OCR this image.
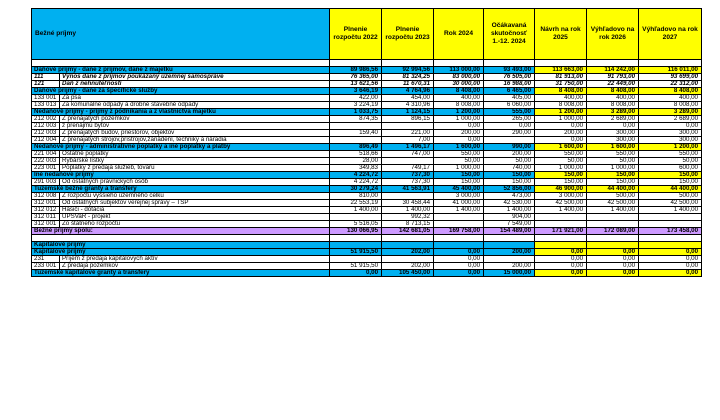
Bežné príjmy		Plnenie rozpočtu 2022	Plnenie rozpočtu 2023	Rok 2024	Očákavaná skutočnosť 1.-12. 2024	Návrh na rok 2025	Výhľadovo na rok 2026	Výhľadovo na rok 2027

Daňové príjmy - dane z príjmov, dane z majetku		89 986,56	92 994,56	113 000,00	93 493,00	113 663,00	114 242,00	116 011,00
111	Výnos dane z príjmov poukázaný územnej samospráve	76 365,00	81 324,25	83 000,00	76 505,00	81 913,00	91 793,00	93 699,00
121	Daň z nehnuteľností	13 621,56	11 670,31	30 000,00	16 988,00	31 750,00	22 449,00	22 312,00
Daňové príjmy - dane za špecifické služby		3 646,19	4 764,96	8 408,00	6 465,00	8 408,00	8 408,00	8 408,00
133 001	Za psa	422,00	454,00	400,00	405,00	400,00	400,00	400,00
133 013	Za komunálne odpady a drobné stavebné odpady	3 224,19	4 310,96	8 008,00	6 060,00	8 008,00	8 008,00	8 008,00
Nedaňové príjmy - príjmy z podnikania a z vlastníctva majetku		1 033,75	1 124,15	1 200,00	555,00	1 200,00	3 289,00	3 289,00
212 002	Z prenajatých pozemkov	874,35	896,15	1 000,00	265,00	1 000,00	2 689,00	2 689,00
212 003	z prenájmu bytov			0,00	0,00	0,00	0,00	0,00
212 003	Z prenajatých budov, priestorov, objektov	159,40	221,00	200,00	290,00	200,00	300,00	300,00
212 004	Z prenajatých strojov,prístrojov,zariadení, techniky a náradia		7,00	0,00		0,00	300,00	300,00
Nedaňové príjmy - administratívne poplatky a iné poplatky a platby		896,49	1 496,17	1 600,00	990,00	1 600,00	1 600,00	1 200,00
221 004	Ostatné poplatky	518,66	747,00	550,00	200,00	550,00	550,00	550,00
222 003	Rybárske lístky	28,00		50,00	50,00	50,00	50,00	50,00
223 001	Poplatky z predaja služieb, tovaru	349,83	749,17	1 000,00	740,00	1 000,00	1 000,00	600,00
Iné nedaňové príjmy		4 224,72	737,30	150,00	150,00	150,00	150,00	150,00
291 003	Od ostatných právnických osôb	4 224,72	737,30	150,00	150,00	150,00	150,00	150,00
Tuzemské bežné granty a transfery		30 279,24	41 563,91	45 400,00	52 856,00	46 900,00	44 400,00	44 400,00
312 008	Z rozpočtu vyššieho územného celku	810,00		3 000,00	473,00	3 000,00	500,00	500,00
312 001	Od ostatných subjektov verejnej správy – TSP	22 553,19	30 458,44	41 000,00	42 530,00	42 500,00	42 500,00	42 500,00
312 012	Hasiči - dotácia	1 400,00	1 400,00	1 400,00	1 400,00	1 400,00	1 400,00	1 400,00
312 011	UPSVaR - projekt		992,32		904,00			
312 001	Zo štátneho rozpočtu	5 516,05	8 713,15		7 549,00			
Bežné príjmy spolu:		130 066,95	142 681,05	169 758,00	154 489,00	171 921,00	172 089,00	173 458,00

Kapitálové príjmy								
Kapitálové príjmy		51 915,50	202,00	0,00	200,00	0,00	0,00	0,00
231	Príjem z predaja kapitálových aktív			0,00		0,00	0,00	0,00
233 001	Z predaja pozemkov	51 915,50	202,00	0,00	200,00	0,00	0,00	0,00
Tuzemské kapitálové granty a transfery		0,00	105 450,00	0,00	15 000,00	0,00	0,00	0,00
